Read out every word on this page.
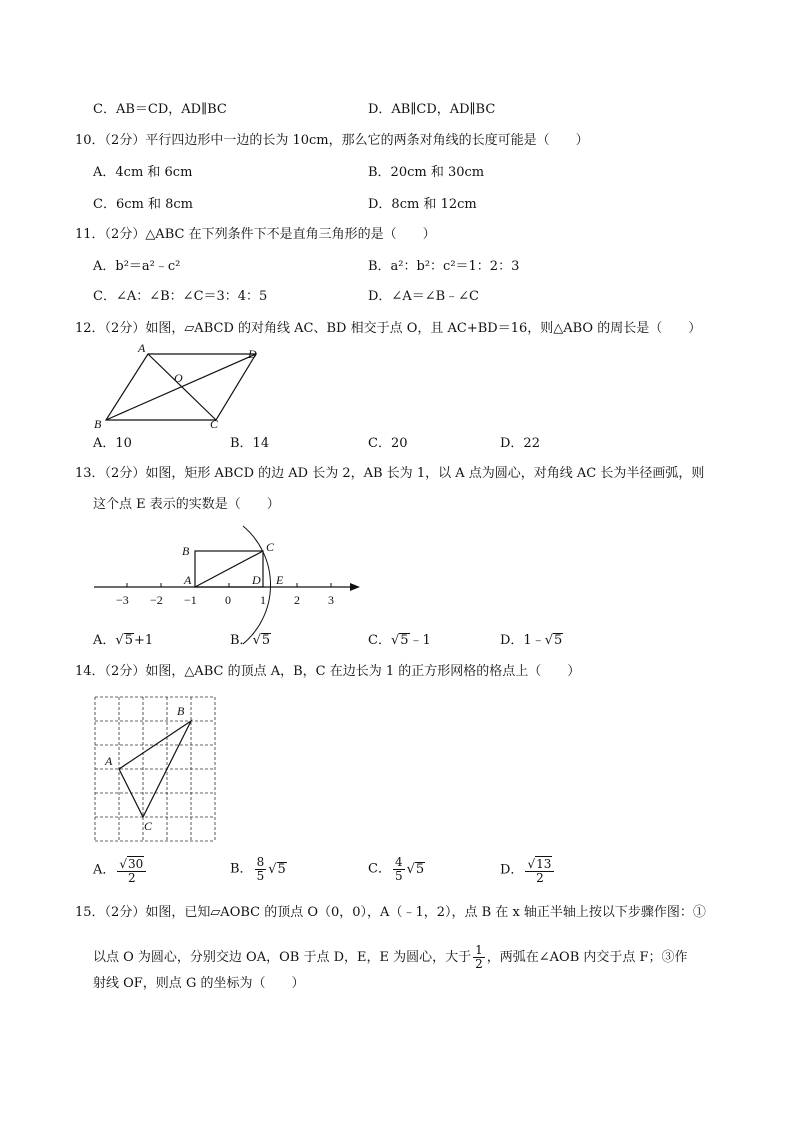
C．AB＝CD，AD∥BC	D．AB∥CD，AD∥BC
10．（2分）平行四边形中一边的长为 10cm，那么它的两条对角线的长度可能是（　　）
A．4cm 和 6cm	B．20cm 和 30cm
C．6cm 和 8cm	D．8cm 和 12cm
11．（2分）△ABC 在下列条件下不是直角三角形的是（　　）
A．b²＝a²﹣c²	B．a²：b²：c²＝1：2：3
C．∠A：∠B：∠C＝3：4：5	D．∠A＝∠B﹣∠C
12．（2分）如图，▱ABCD 的对角线 AC、BD 相交于点 O，且 AC+BD＝16，则△ABO 的周长是（　　）
A	D
O
B	C
A．10	B．14	C．20	D．22
13．（2分）如图，矩形 ABCD 的边 AD 长为 2，AB 长为 1，以 A 点为圆心，对角线 AC 长为半径画弧，则
这个点 E 表示的实数是（　　）
−3 −2 −1 0 1 2 3
B	C
A	D E
A．√5+1	B．√5	C．√5﹣1	D．1﹣√5
14．（2分）如图，△ABC 的顶点 A，B，C 在边长为 1 的正方形网格的格点上（　　）
B
A
C
A． $\frac{√30}{2}$	B． $\frac{8}{5} √5$	C． $\frac{4}{5} √5$	D． $\frac{√13}{2}$
15．（2分）如图，已知▱AOBC 的顶点 O（0，0），A（﹣1，2），点 B 在 x 轴正半轴上按以下步骤作图：①
以点 O 为圆心，分别交边 OA，OB 于点 D，E，E 为圆心，大于 $\frac{1}{2}$ ，两弧在∠AOB 内交于点 F；③作
射线 OF，则点 G 的坐标为（　　）
